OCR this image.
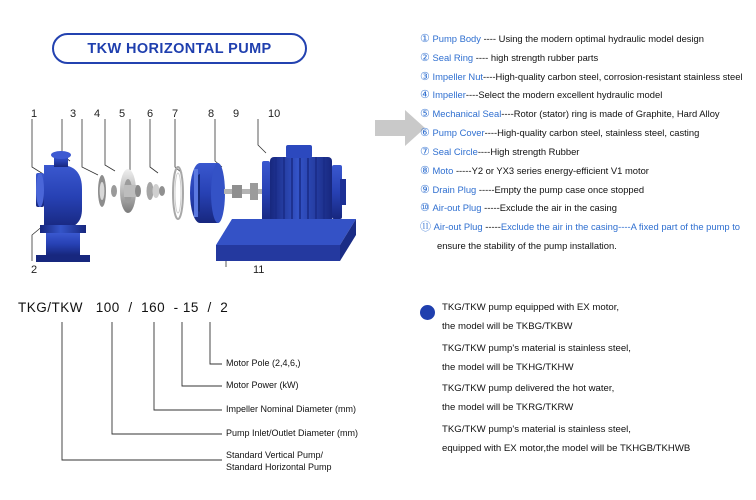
TKW HORIZONTAL PUMP
1
2
3 4 5 6 7	8 9	10
11
① Pump Body ---- Using the modern optimal hydraulic model design
② Seal Ring ---- high strength rubber parts
③ Impeller Nut----High-quality carbon steel, corrosion-resistant stainless steel
④ Impeller----Select the modern excellent hydraulic model
⑤ Mechanical Seal----Rotor (stator) ring is made of Graphite, Hard Alloy
⑥ Pump Cover----High-quality carbon steel, stainless steel, casting
⑦ Seal Circle----High strength Rubber
⑧ Moto -----Y2 or YX3 series energy-efficient V1 motor
⑨ Drain Plug -----Empty the pump case once stopped
⑩ Air-out Plug -----Exclude the air in the casing
⑪ Air-out Plug -----Exclude the air in the casing----A fixed part of the pump to
ensure the stability of the pump installation.
TKG/TKW 100 / 160 - 15 / 2
Motor Pole (2,4,6,)
Motor Power (kW)
Impeller Nominal Diameter (mm)
Pump Inlet/Outlet Diameter (mm)
Standard Vertical Pump/
Standard Horizontal Pump
TKG/TKW pump equipped with EX motor,
the model will be TKBG/TKBW
TKG/TKW pump's material is stainless steel,
the model will be TKHG/TKHW
TKG/TKW pump delivered the hot water,
the model will be TKRG/TKRW
TKG/TKW pump's material is stainless steel,
equipped with EX motor,the model will be TKHGB/TKHWB
